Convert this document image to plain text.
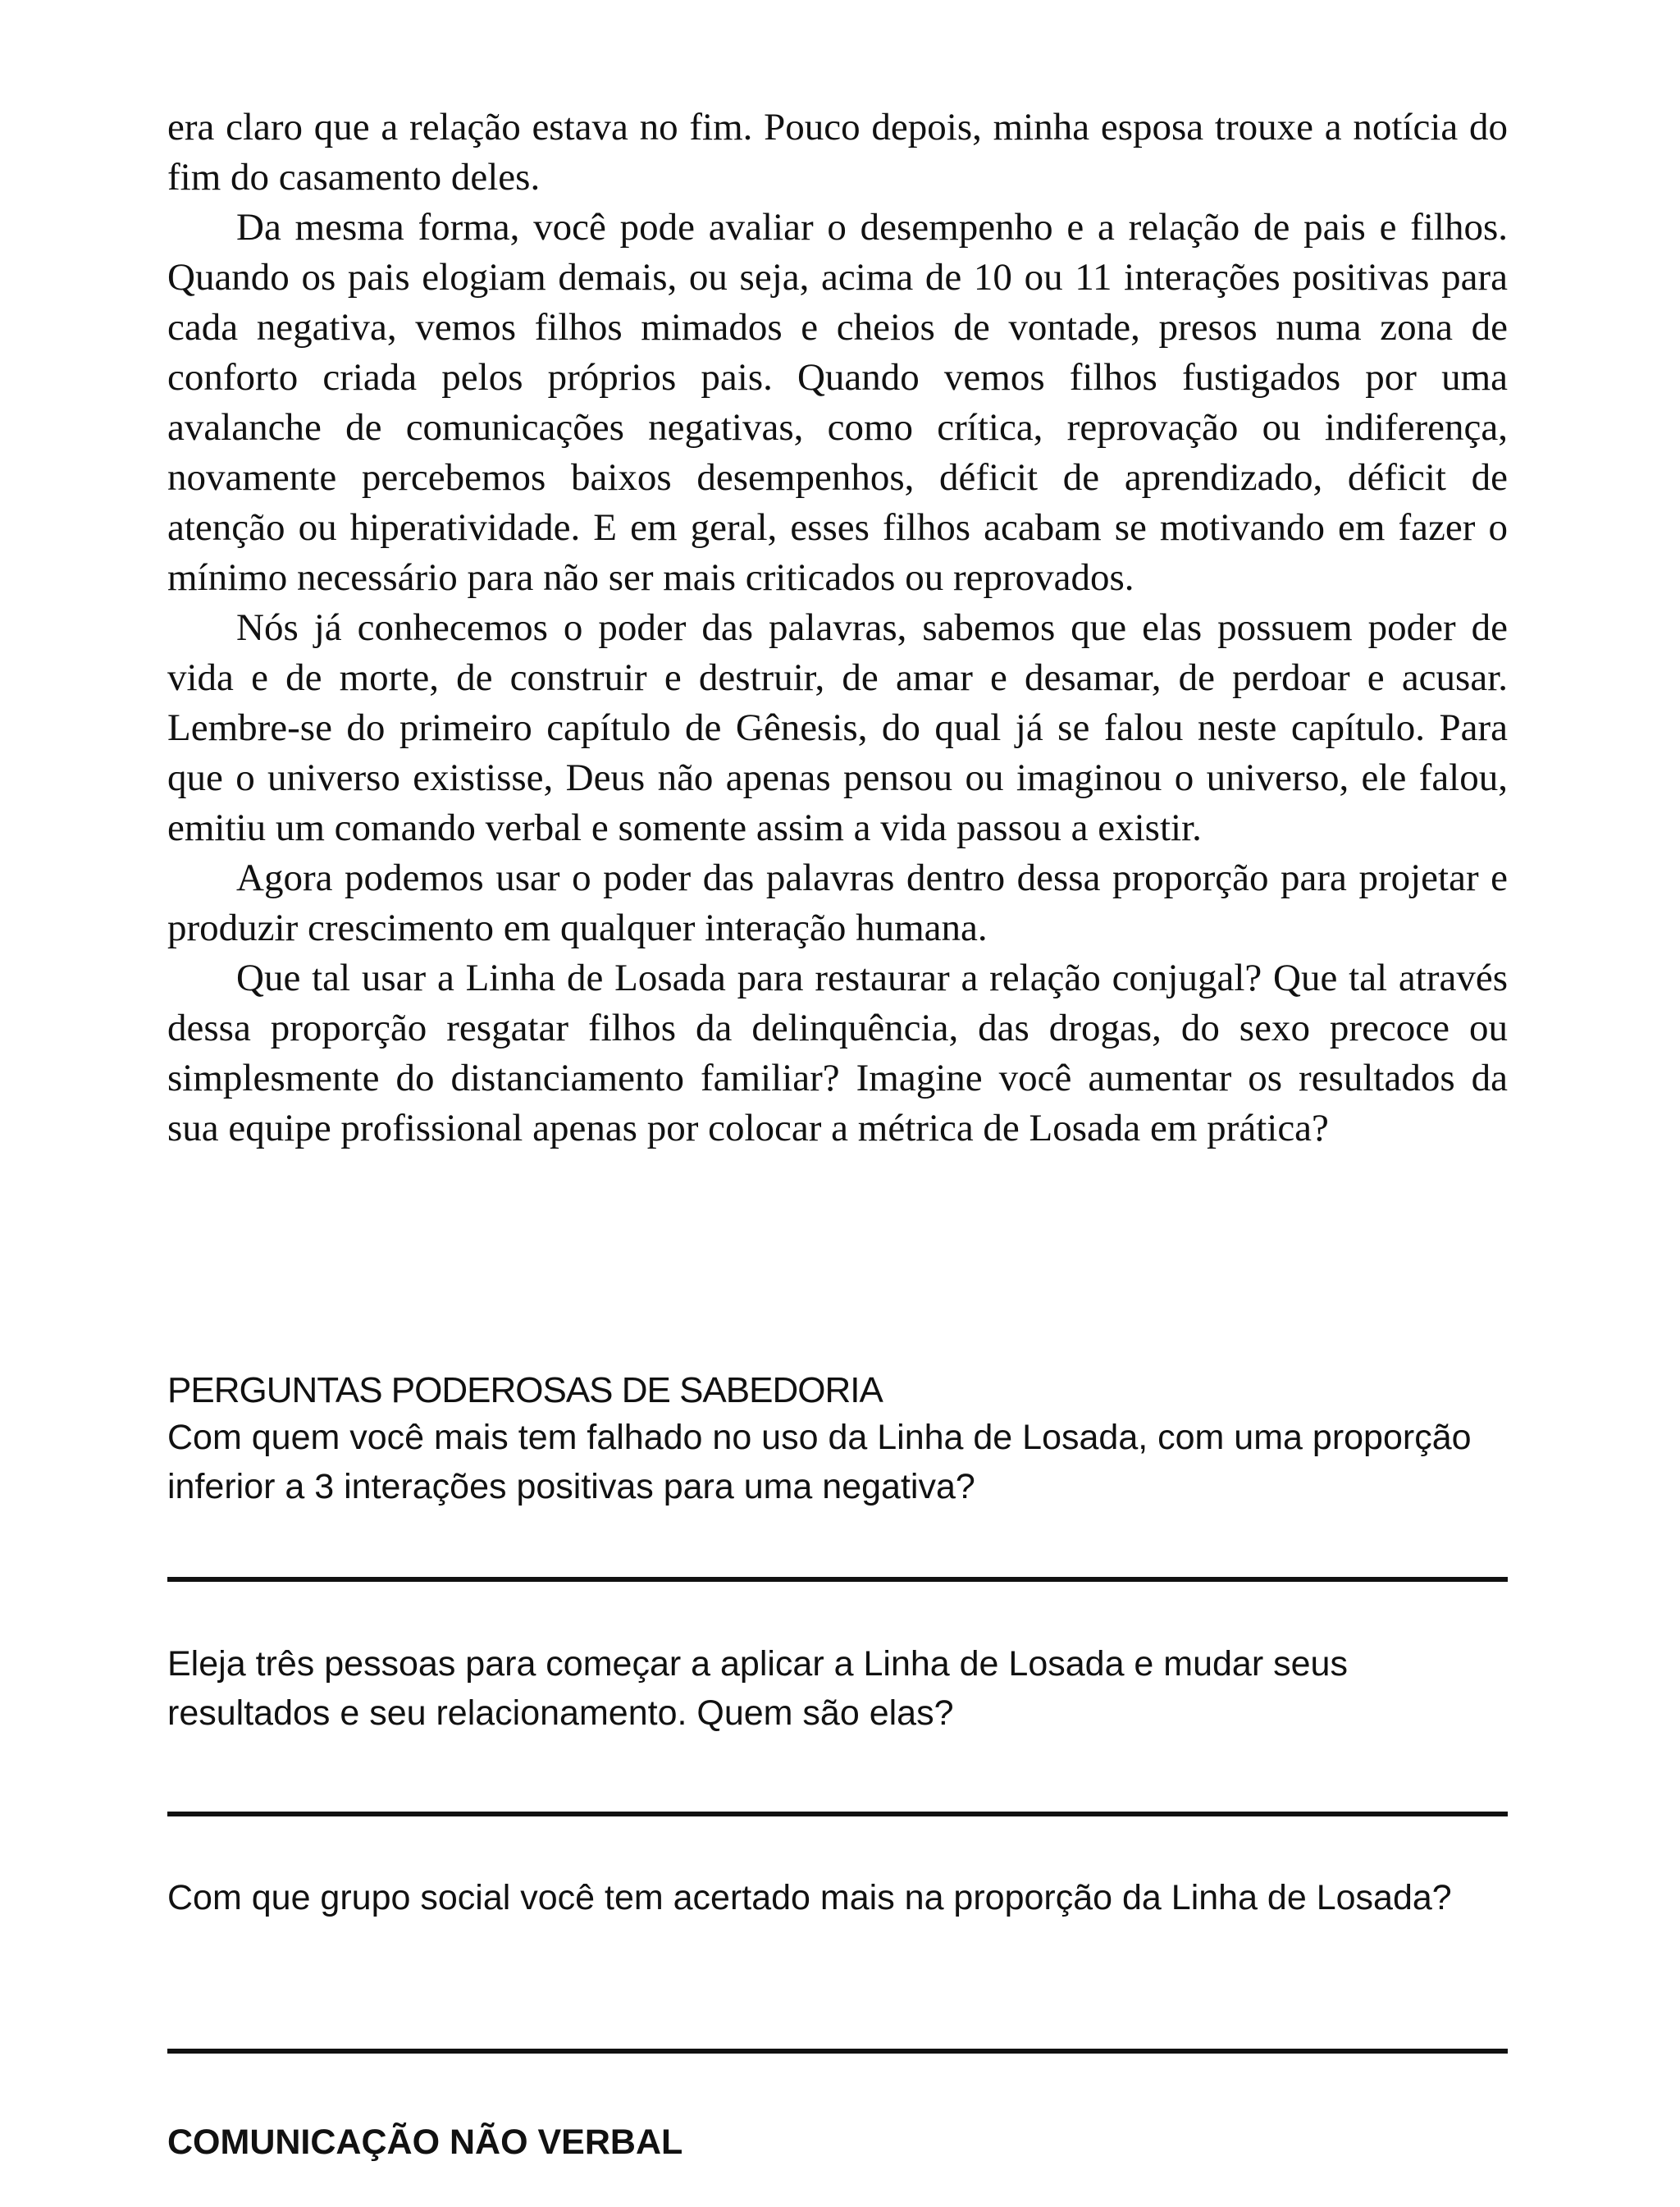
era claro que a relação estava no fim. Pouco depois, minha esposa trouxe a notícia do fim do casamento deles.

Da mesma forma, você pode avaliar o desempenho e a relação de pais e filhos. Quando os pais elogiam demais, ou seja, acima de 10 ou 11 interações positivas para cada negativa, vemos filhos mimados e cheios de vontade, presos numa zona de conforto criada pelos próprios pais. Quando vemos filhos fustigados por uma avalanche de comunicações negativas, como crítica, reprovação ou indiferença, novamente percebemos baixos desempenhos, déficit de aprendizado, déficit de atenção ou hiperatividade. E em geral, esses filhos acabam se motivando em fazer o mínimo necessário para não ser mais criticados ou reprovados.

Nós já conhecemos o poder das palavras, sabemos que elas possuem poder de vida e de morte, de construir e destruir, de amar e desamar, de perdoar e acusar. Lembre-se do primeiro capítulo de Gênesis, do qual já se falou neste capítulo. Para que o universo existisse, Deus não apenas pensou ou imaginou o universo, ele falou, emitiu um comando verbal e somente assim a vida passou a existir.

Agora podemos usar o poder das palavras dentro dessa proporção para projetar e produzir crescimento em qualquer interação humana.

Que tal usar a Linha de Losada para restaurar a relação conjugal? Que tal através dessa proporção resgatar filhos da delinquência, das drogas, do sexo precoce ou simplesmente do distanciamento familiar? Imagine você aumentar os resultados da sua equipe profissional apenas por colocar a métrica de Losada em prática?

PERGUNTAS PODEROSAS DE SABEDORIA

Com quem você mais tem falhado no uso da Linha de Losada, com uma proporção inferior a 3 interações positivas para uma negativa?

Eleja três pessoas para começar a aplicar a Linha de Losada e mudar seus resultados e seu relacionamento. Quem são elas?

Com que grupo social você tem acertado mais na proporção da Linha de Losada?

COMUNICAÇÃO NÃO VERBAL
